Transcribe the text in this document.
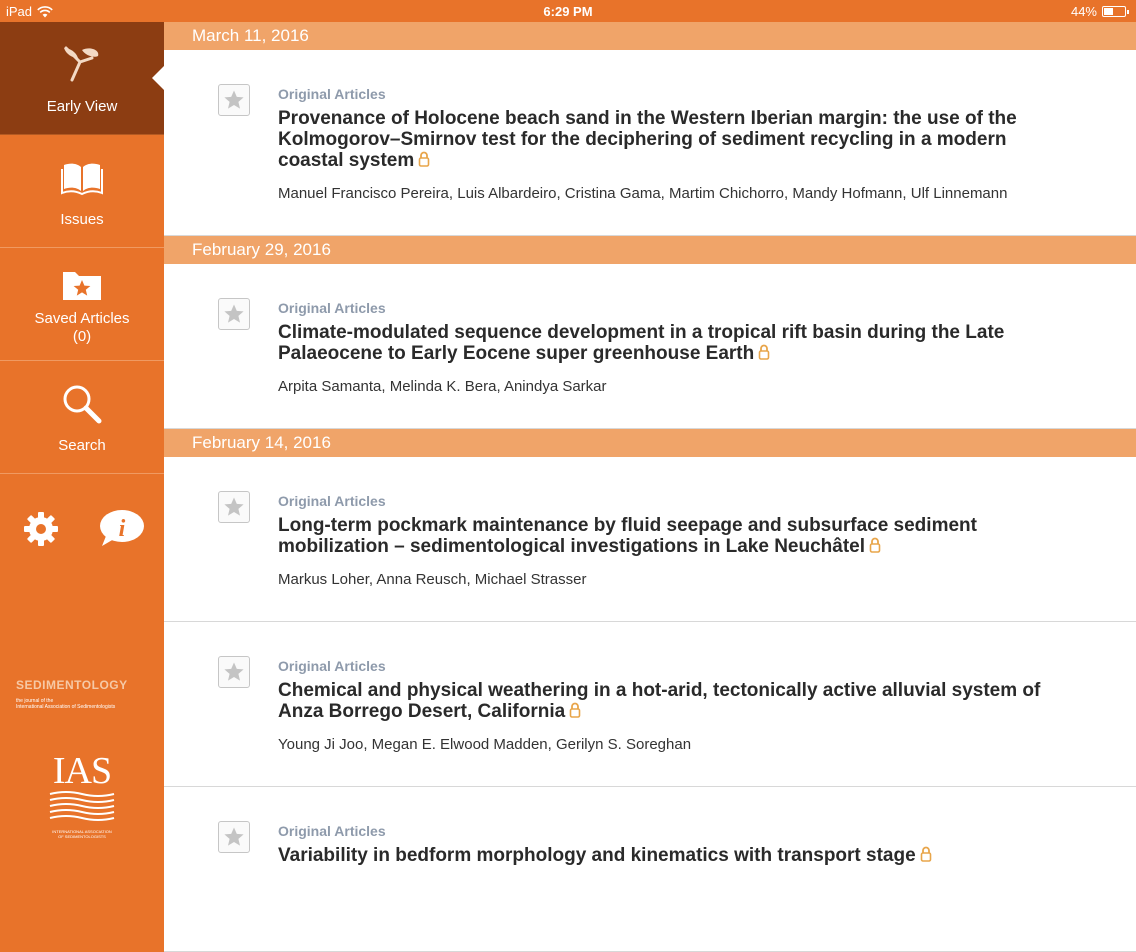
iPad	6:29 PM	44%
Early View
Issues
Saved Articles
(0)
Search
i
SEDIMENTOLOGY
the journal of the
International Association of Sedimentologists
IAS
INTERNATIONAL ASSOCIATION
OF SEDIMENTOLOGISTS
March 11, 2016
Original Articles
Provenance of Holocene beach sand in the Western Iberian margin: the use of the Kolmogorov–Smirnov test for the deciphering of sediment recycling in a modern coastal system
Manuel Francisco Pereira, Luis Albardeiro, Cristina Gama, Martim Chichorro, Mandy Hofmann, Ulf Linnemann
February 29, 2016
Original Articles
Climate-modulated sequence development in a tropical rift basin during the Late Palaeocene to Early Eocene super greenhouse Earth
Arpita Samanta, Melinda K. Bera, Anindya Sarkar
February 14, 2016
Original Articles
Long-term pockmark maintenance by fluid seepage and subsurface sediment mobilization – sedimentological investigations in Lake Neuchâtel
Markus Loher, Anna Reusch, Michael Strasser
Original Articles
Chemical and physical weathering in a hot-arid, tectonically active alluvial system of Anza Borrego Desert, California
Young Ji Joo, Megan E. Elwood Madden, Gerilyn S. Soreghan
Original Articles
Variability in bedform morphology and kinematics with transport stage
